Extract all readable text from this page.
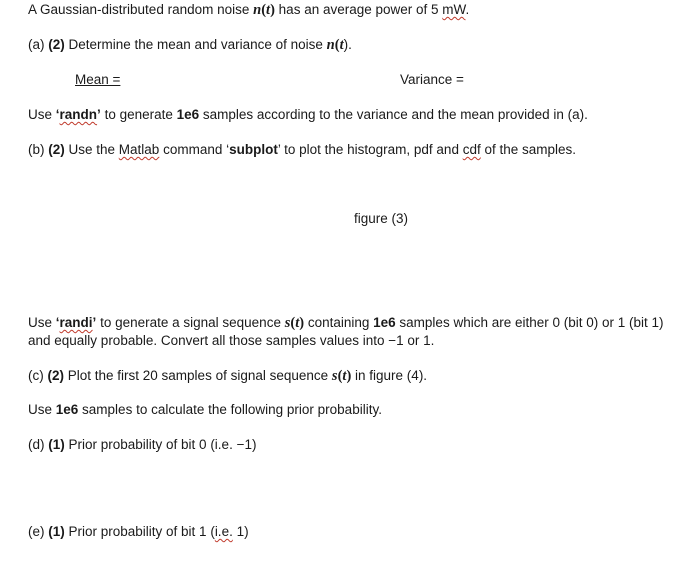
A Gaussian-distributed random noise n(t) has an average power of 5 mW.
(a) (2) Determine the mean and variance of noise n(t).
Mean =	Variance =
Use ‘randn’ to generate 1e6 samples according to the variance and the mean provided in (a).
(b) (2) Use the Matlab command ‘subplot’ to plot the histogram, pdf and cdf of the samples.
figure (3)
Use ‘randi’ to generate a signal sequence s(t) containing 1e6 samples which are either 0 (bit 0) or 1 (bit 1) and equally probable. Convert all those samples values into −1 or 1.
(c) (2) Plot the first 20 samples of signal sequence s(t) in figure (4).
Use 1e6 samples to calculate the following prior probability.
(d) (1) Prior probability of bit 0 (i.e. −1)
(e) (1) Prior probability of bit 1 (i.e. 1)
